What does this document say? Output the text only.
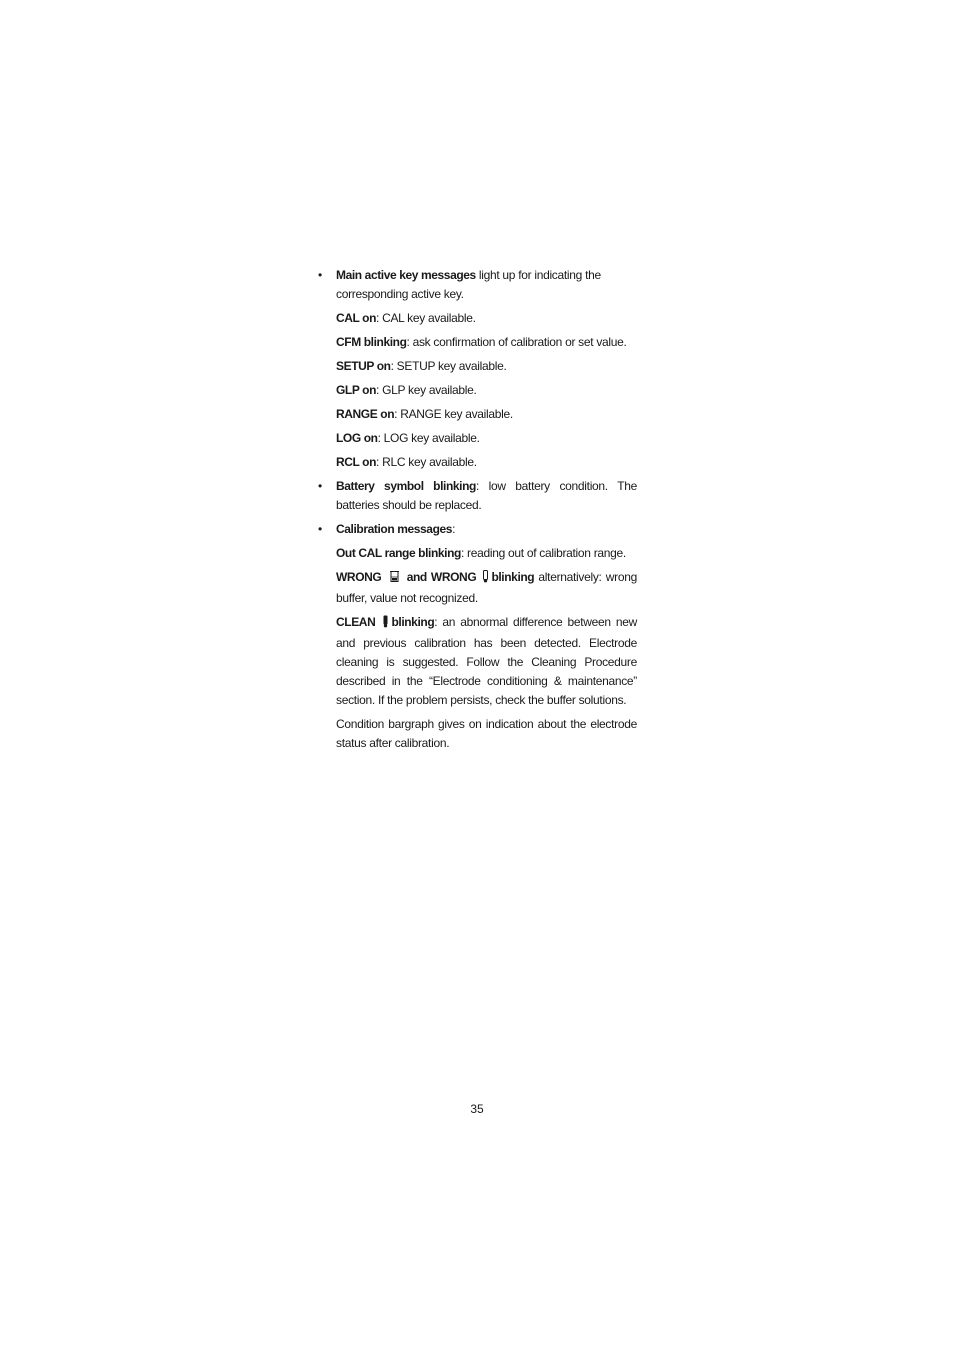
• Main active key messages light up for indicating the corresponding active key.

CAL on: CAL key available.

CFM blinking: ask confirmation of calibration or set value.

SETUP on: SETUP key available.

GLP on: GLP key available.

RANGE on: RANGE key available.

LOG on: LOG key available.

RCL on: RLC key available.

• Battery symbol blinking: low battery condition. The batteries should be replaced.

• Calibration messages:

Out CAL range blinking: reading out of calibration range.

WRONG and WRONG blinking alternatively: wrong buffer, value not recognized.

CLEAN blinking: an abnormal difference between new and previous calibration has been detected. Electrode cleaning is suggested. Follow the Cleaning Procedure described in the “Electrode conditioning & maintenance” section. If the problem persists, check the buffer solutions.

Condition bargraph gives on indication about the electrode status after calibration.

35
